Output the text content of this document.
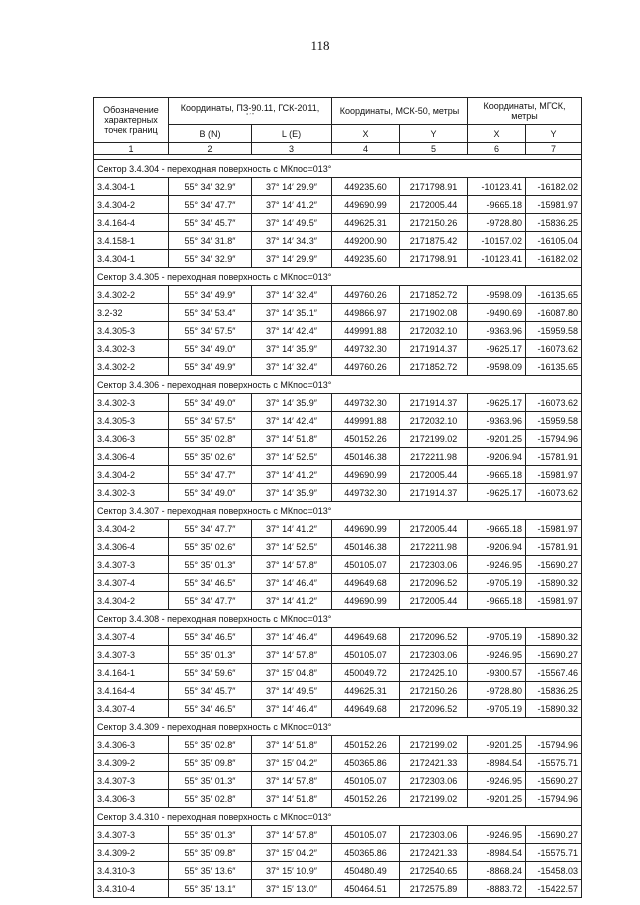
118
Обозначение характерных точек границ	Координаты, ПЗ-90.11, ГСК-2011,
° ′ ″		Координаты, МСК-50, метры		Координаты, МГСК, метры	
	B (N)	L (E)	X	Y	X	Y
1	2	3	4	5	6	7

Сектор 3.4.304 - переходная поверхность с МКпос=013°						
3.4.304-1	55° 34′ 32.9″	37° 14′ 29.9″	449235.60	2171798.91	-10123.41	-16182.02
3.4.304-2	55° 34′ 47.7″	37° 14′ 41.2″	449690.99	2172005.44	-9665.18	-15981.97
3.4.164-4	55° 34′ 45.7″	37° 14′ 49.5″	449625.31	2172150.26	-9728.80	-15836.25
3.4.158-1	55° 34′ 31.8″	37° 14′ 34.3″	449200.90	2171875.42	-10157.02	-16105.04
3.4.304-1	55° 34′ 32.9″	37° 14′ 29.9″	449235.60	2171798.91	-10123.41	-16182.02
Сектор 3.4.305 - переходная поверхность с МКпос=013°						
3.4.302-2	55° 34′ 49.9″	37° 14′ 32.4″	449760.26	2171852.72	-9598.09	-16135.65
3.2-32	55° 34′ 53.4″	37° 14′ 35.1″	449866.97	2171902.08	-9490.69	-16087.80
3.4.305-3	55° 34′ 57.5″	37° 14′ 42.4″	449991.88	2172032.10	-9363.96	-15959.58
3.4.302-3	55° 34′ 49.0″	37° 14′ 35.9″	449732.30	2171914.37	-9625.17	-16073.62
3.4.302-2	55° 34′ 49.9″	37° 14′ 32.4″	449760.26	2171852.72	-9598.09	-16135.65
Сектор 3.4.306 - переходная поверхность с МКпос=013°						
3.4.302-3	55° 34′ 49.0″	37° 14′ 35.9″	449732.30	2171914.37	-9625.17	-16073.62
3.4.305-3	55° 34′ 57.5″	37° 14′ 42.4″	449991.88	2172032.10	-9363.96	-15959.58
3.4.306-3	55° 35′ 02.8″	37° 14′ 51.8″	450152.26	2172199.02	-9201.25	-15794.96
3.4.306-4	55° 35′ 02.6″	37° 14′ 52.5″	450146.38	2172211.98	-9206.94	-15781.91
3.4.304-2	55° 34′ 47.7″	37° 14′ 41.2″	449690.99	2172005.44	-9665.18	-15981.97
3.4.302-3	55° 34′ 49.0″	37° 14′ 35.9″	449732.30	2171914.37	-9625.17	-16073.62
Сектор 3.4.307 - переходная поверхность с МКпос=013°						
3.4.304-2	55° 34′ 47.7″	37° 14′ 41.2″	449690.99	2172005.44	-9665.18	-15981.97
3.4.306-4	55° 35′ 02.6″	37° 14′ 52.5″	450146.38	2172211.98	-9206.94	-15781.91
3.4.307-3	55° 35′ 01.3″	37° 14′ 57.8″	450105.07	2172303.06	-9246.95	-15690.27
3.4.307-4	55° 34′ 46.5″	37° 14′ 46.4″	449649.68	2172096.52	-9705.19	-15890.32
3.4.304-2	55° 34′ 47.7″	37° 14′ 41.2″	449690.99	2172005.44	-9665.18	-15981.97
Сектор 3.4.308 - переходная поверхность с МКпос=013°						
3.4.307-4	55° 34′ 46.5″	37° 14′ 46.4″	449649.68	2172096.52	-9705.19	-15890.32
3.4.307-3	55° 35′ 01.3″	37° 14′ 57.8″	450105.07	2172303.06	-9246.95	-15690.27
3.4.164-1	55° 34′ 59.6″	37° 15′ 04.8″	450049.72	2172425.10	-9300.57	-15567.46
3.4.164-4	55° 34′ 45.7″	37° 14′ 49.5″	449625.31	2172150.26	-9728.80	-15836.25
3.4.307-4	55° 34′ 46.5″	37° 14′ 46.4″	449649.68	2172096.52	-9705.19	-15890.32
Сектор 3.4.309 - переходная поверхность с МКпос=013°						
3.4.306-3	55° 35′ 02.8″	37° 14′ 51.8″	450152.26	2172199.02	-9201.25	-15794.96
3.4.309-2	55° 35′ 09.8″	37° 15′ 04.2″	450365.86	2172421.33	-8984.54	-15575.71
3.4.307-3	55° 35′ 01.3″	37° 14′ 57.8″	450105.07	2172303.06	-9246.95	-15690.27
3.4.306-3	55° 35′ 02.8″	37° 14′ 51.8″	450152.26	2172199.02	-9201.25	-15794.96
Сектор 3.4.310 - переходная поверхность с МКпос=013°						
3.4.307-3	55° 35′ 01.3″	37° 14′ 57.8″	450105.07	2172303.06	-9246.95	-15690.27
3.4.309-2	55° 35′ 09.8″	37° 15′ 04.2″	450365.86	2172421.33	-8984.54	-15575.71
3.4.310-3	55° 35′ 13.6″	37° 15′ 10.9″	450480.49	2172540.65	-8868.24	-15458.03
3.4.310-4	55° 35′ 13.1″	37° 15′ 13.0″	450464.51	2172575.89	-8883.72	-15422.57
